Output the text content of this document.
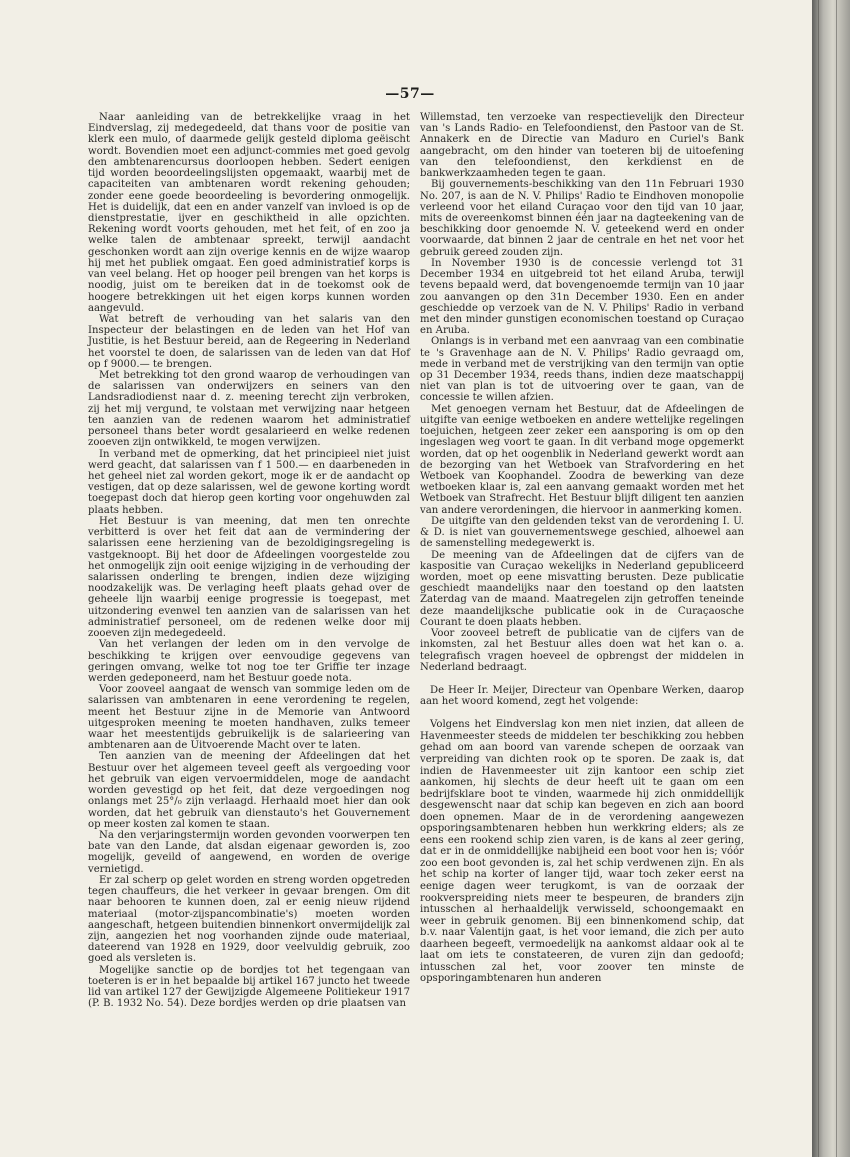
—57—

Naar aanleiding van de betrekkelijke vraag in het Eindverslag, zij medegedeeld, dat thans voor de positie van klerk een mulo, of daarmede gelijk gesteld diploma geëischt wordt. Bovendien moet een adjunct-commies met goed gevolg den ambtenarencursus doorloopen hebben. Sedert eenigen tijd worden beoordeelingslijsten opgemaakt, waarbij met de capaciteiten van ambtenaren wordt rekening gehouden; zonder eene goede beoordeeling is bevordering onmogelijk. Het is duidelijk, dat een en ander vanzelf van invloed is op de dienstprestatie, ijver en geschiktheid in alle opzichten. Rekening wordt voorts gehouden, met het feit, of en zoo ja welke talen de ambtenaar spreekt, terwijl aandacht geschonken wordt aan zijn overige kennis en de wijze waarop hij met het publiek omgaat. Een goed administratief korps is van veel belang. Het op hooger peil brengen van het korps is noodig, juist om te bereiken dat in de toekomst ook de hoogere betrekkingen uit het eigen korps kunnen worden aangevuld.

Wat betreft de verhouding van het salaris van den Inspecteur der belastingen en de leden van het Hof van Justitie, is het Bestuur bereid, aan de Regeering in Nederland het voorstel te doen, de salarissen van de leden van dat Hof op f 9000.— te brengen.

Met betrekking tot den grond waarop de verhoudingen van de salarissen van onderwijzers en seiners van den Landsradiodienst naar d. z. meening terecht zijn verbroken, zij het mij vergund, te volstaan met verwijzing naar hetgeen ten aanzien van de redenen waarom het administratief personeel thans beter wordt gesalarieerd en welke redenen zooeven zijn ontwikkeld, te mogen verwijzen.

In verband met de opmerking, dat het principieel niet juist werd geacht, dat salarissen van f 1 500.— en daarbeneden in het geheel niet zal worden gekort, moge ik er de aandacht op vestigen, dat op deze salarissen, wel de gewone korting wordt toegepast doch dat hierop geen korting voor ongehuwden zal plaats hebben.

Het Bestuur is van meening, dat men ten onrechte verbitterd is over het feit dat aan de vermindering der salarissen eene herziening van de bezoldigingsregeling is vastgeknoopt. Bij het door de Afdeelingen voorgestelde zou het onmogelijk zijn ooit eenige wijziging in de verhouding der salarissen onderling te brengen, indien deze wijziging noodzakelijk was. De verlaging heeft plaats gehad over de geheele lijn waarbij eenige progressie is toegepast, met uitzondering evenwel ten aanzien van de salarissen van het administratief personeel, om de redenen welke door mij zooeven zijn medegedeeld.

Van het verlangen der leden om in den vervolge de beschikking te krijgen over eenvoudige gegevens van geringen omvang, welke tot nog toe ter Griffie ter inzage werden gedeponeerd, nam het Bestuur goede nota.

Voor zooveel aangaat de wensch van sommige leden om de salarissen van ambtenaren in eene verordening te regelen, meent het Bestuur zijne in de Memorie van Antwoord uitgesproken meening te moeten handhaven, zulks temeer waar het meestentijds gebruikelijk is de salarieering van ambtenaren aan de Uitvoerende Macht over te laten.

Ten aanzien van de meening der Afdeelingen dat het Bestuur over het algemeen teveel geeft als vergoeding voor het gebruik van eigen vervoermiddelen, moge de aandacht worden gevestigd op het feit, dat deze vergoedingen nog onlangs met 25°/₀ zijn verlaagd. Herhaald moet hier dan ook worden, dat het gebruik van dienstauto's het Gouvernement op meer kosten zal komen te staan.

Na den verjaringstermijn worden gevonden voorwerpen ten bate van den Lande, dat alsdan eigenaar geworden is, zoo mogelijk, geveild of aangewend, en worden de overige vernietigd.

Er zal scherp op gelet worden en streng worden opgetreden tegen chauffeurs, die het verkeer in gevaar brengen. Om dit naar behooren te kunnen doen, zal er eenig nieuw rijdend materiaal (motor-zijspancombinatie's) moeten worden aangeschaft, hetgeen buitendien binnenkort onvermijdelijk zal zijn, aangezien het nog voorhanden zijnde oude materiaal, dateerend van 1928 en 1929, door veelvuldig gebruik, zoo goed als versleten is.

Mogelijke sanctie op de bordjes tot het tegengaan van toeteren is er in het bepaalde bij artikel 167 juncto het tweede lid van artikel 127 der Gewijzigde Algemeene Politiekeur 1917 (P. B. 1932 No. 54). Deze bordjes werden op drie plaatsen van

Willemstad, ten verzoeke van respectievelijk den Directeur van 's Lands Radio- en Telefoondienst, den Pastoor van de St. Annakerk en de Directie van Maduro en Curiel's Bank aangebracht, om den hinder van toeteren bij de uitoefening van den telefoondienst, den kerkdienst en de bankwerkzaamheden tegen te gaan.

Bij gouvernements-beschikking van den 11n Februari 1930 No. 207, is aan de N. V. Philips' Radio te Eindhoven monopolie verleend voor het eiland Curaçao voor den tijd van 10 jaar, mits de overeenkomst binnen één jaar na dagteekening van de beschikking door genoemde N. V. geteekend werd en onder voorwaarde, dat binnen 2 jaar de centrale en het net voor het gebruik gereed zouden zijn.

In November 1930 is de concessie verlengd tot 31 December 1934 en uitgebreid tot het eiland Aruba, terwijl tevens bepaald werd, dat bovengenoemde termijn van 10 jaar zou aanvangen op den 31n December 1930. Een en ander geschiedde op verzoek van de N. V. Philips' Radio in verband met den minder gunstigen economischen toestand op Curaçao en Aruba.

Onlangs is in verband met een aanvraag van een combinatie te 's Gravenhage aan de N. V. Philips' Radio gevraagd om, mede in verband met de verstrijking van den termijn van optie op 31 December 1934, reeds thans, indien deze maatschappij niet van plan is tot de uitvoering over te gaan, van de concessie te willen afzien.

Met genoegen vernam het Bestuur, dat de Afdeelingen de uitgifte van eenige wetboeken en andere wettelijke regelingen toejuichen, hetgeen zeer zeker een aansporing is om op den ingeslagen weg voort te gaan. In dit verband moge opgemerkt worden, dat op het oogenblik in Nederland gewerkt wordt aan de bezorging van het Wetboek van Strafvordering en het Wetboek van Koophandel. Zoodra de bewerking van deze wetboeken klaar is, zal een aanvang gemaakt worden met het Wetboek van Strafrecht. Het Bestuur blijft diligent ten aanzien van andere verordeningen, die hiervoor in aanmerking komen.

De uitgifte van den geldenden tekst van de verordening I. U. & D. is niet van gouvernementswege geschied, alhoewel aan de samenstelling medegewerkt is.

De meening van de Afdeelingen dat de cijfers van de kaspositie van Curaçao wekelijks in Nederland gepubliceerd worden, moet op eene misvatting berusten. Deze publicatie geschiedt maandelijks naar den toestand op den laatsten Zaterdag van de maand. Maatregelen zijn getroffen teneinde deze maandelijksche publicatie ook in de Curaçaosche Courant te doen plaats hebben.

Voor zooveel betreft de publicatie van de cijfers van de inkomsten, zal het Bestuur alles doen wat het kan o. a. telegrafisch vragen hoeveel de opbrengst der middelen in Nederland bedraagt.

De Heer Ir. Meijer, Directeur van Openbare Werken, daarop aan het woord komend, zegt het volgende:

Volgens het Eindverslag kon men niet inzien, dat alleen de Havenmeester steeds de middelen ter beschikking zou hebben gehad om aan boord van varende schepen de oorzaak van verpreiding van dichten rook op te sporen. De zaak is, dat indien de Havenmeester uit zijn kantoor een schip ziet aankomen, hij slechts de deur heeft uit te gaan om een bedrijfsklare boot te vinden, waarmede hij zich onmiddellijk desgewenscht naar dat schip kan begeven en zich aan boord doen opnemen. Maar de in de verordening aangewezen opsporingsambtenaren hebben hun werkkring elders; als ze eens een rookend schip zien varen, is de kans al zeer gering, dat er in de onmiddellijke nabijheid een boot voor hen is; vóór zoo een boot gevonden is, zal het schip verdwenen zijn. En als het schip na korter of langer tijd, waar toch zeker eerst na eenige dagen weer terugkomt, is van de oorzaak der rookverspreiding niets meer te bespeuren, de branders zijn intusschen al herhaaldelijk verwisseld, schoongemaakt en weer in gebruik genomen. Bij een binnenkomend schip, dat b.v. naar Valentijn gaat, is het voor iemand, die zich per auto daarheen begeeft, vermoedelijk na aankomst aldaar ook al te laat om iets te constateeren, de vuren zijn dan gedoofd; intusschen zal het, voor zoover ten minste de opsporingambtenaren hun anderen
